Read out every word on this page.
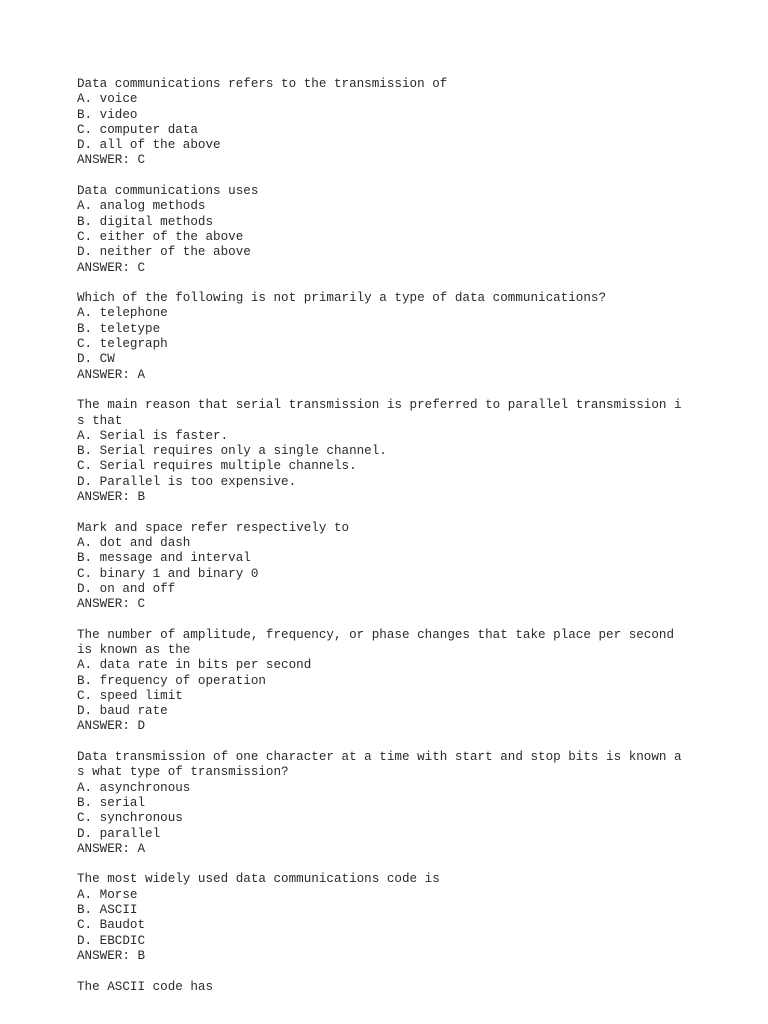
Data communications refers to the transmission of
A. voice
B. video
C. computer data
D. all of the above
ANSWER: C
Data communications uses
A. analog methods
B. digital methods
C. either of the above
D. neither of the above
ANSWER: C
Which of the following is not primarily a type of data communications?
A. telephone
B. teletype
C. telegraph
D. CW
ANSWER: A
The main reason that serial transmission is preferred to parallel transmission i
s that
A. Serial is faster.
B. Serial requires only a single channel.
C. Serial requires multiple channels.
D. Parallel is too expensive.
ANSWER: B
Mark and space refer respectively to
A. dot and dash
B. message and interval
C. binary 1 and binary 0
D. on and off
ANSWER: C
The number of amplitude, frequency, or phase changes that take place per second
is known as the
A. data rate in bits per second
B. frequency of operation
C. speed limit
D. baud rate
ANSWER: D
Data transmission of one character at a time with start and stop bits is known a
s what type of transmission?
A. asynchronous
B. serial
C. synchronous
D. parallel
ANSWER: A
The most widely used data communications code is
A. Morse
B. ASCII
C. Baudot
D. EBCDIC
ANSWER: B
The ASCII code has
